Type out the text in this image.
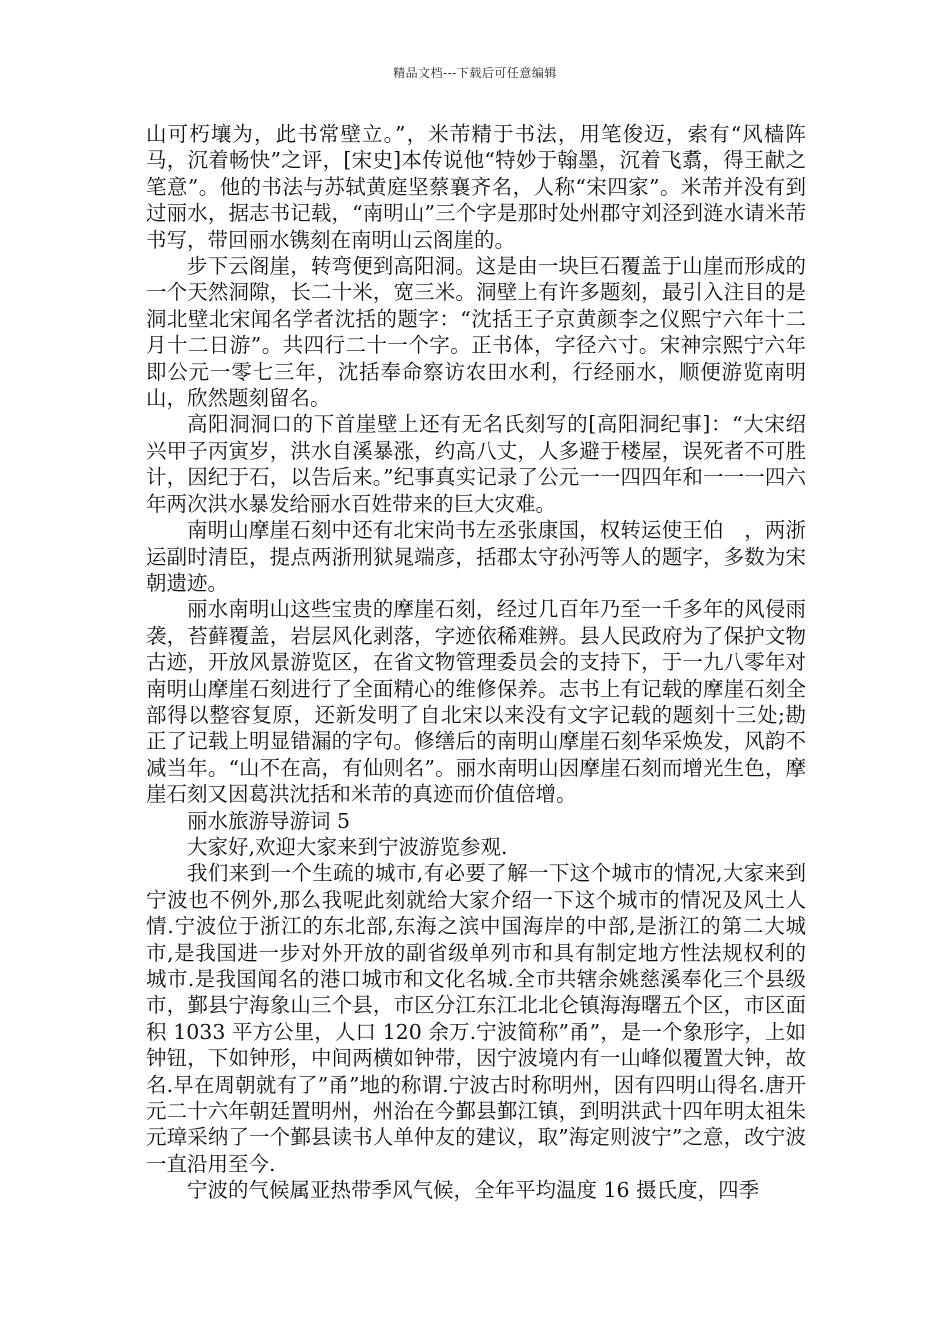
精品文档---下载后可任意编辑

山可朽壤为，此书常壁立。”，米芾精于书法，用笔俊迈，索有“风樯阵马，沉着畅快”之评，[宋史]本传说他“特妙于翰墨，沉着飞翥，得王献之笔意”。他的书法与苏轼黄庭坚蔡襄齐名，人称“宋四家”。米芾并没有到过丽水，据志书记载，“南明山”三个字是那时处州郡守刘泾到涟水请米芾书写，带回丽水镌刻在南明山云阁崖的。

步下云阁崖，转弯便到高阳洞。这是由一块巨石覆盖于山崖而形成的一个天然洞隙，长二十米，宽三米。洞壁上有许多题刻，最引入注目的是洞北壁北宋闻名学者沈括的题字：“沈括王子京黄颜李之仪熙宁六年十二月十二日游”。共四行二十一个字。正书体，字径六寸。宋神宗熙宁六年即公元一零七三年，沈括奉命察访农田水利，行经丽水，顺便游览南明山，欣然题刻留名。

高阳洞洞口的下首崖壁上还有无名氏刻写的[高阳洞纪事]：“大宋绍兴甲子丙寅岁，洪水自溪暴涨，约高八丈，人多避于楼屋，误死者不可胜计，因纪于石，以告后来。”纪事真实记录了公元一一四四年和一一一四六年两次洪水暴发给丽水百姓带来的巨大灾难。

南明山摩崖石刻中还有北宋尚书左丞张康国，权转运使王伯　，两浙运副时清臣，提点两浙刑狱晁端彦，括郡太守孙沔等人的题字，多数为宋朝遗迹。

丽水南明山这些宝贵的摩崖石刻，经过几百年乃至一千多年的风侵雨袭，苔藓覆盖，岩层风化剥落，字迹依稀难辨。县人民政府为了保护文物古迹，开放风景游览区，在省文物管理委员会的支持下，于一九八零年对南明山摩崖石刻进行了全面精心的维修保养。志书上有记载的摩崖石刻全部得以整容复原，还新发明了自北宋以来没有文字记载的题刻十三处;勘正了记载上明显错漏的字句。修缮后的南明山摩崖石刻华采焕发，风韵不减当年。“山不在高，有仙则名”。丽水南明山因摩崖石刻而增光生色，摩崖石刻又因葛洪沈括和米芾的真迹而价值倍增。

丽水旅游导游词 5

大家好,欢迎大家来到宁波游览参观.

我们来到一个生疏的城市,有必要了解一下这个城市的情况,大家来到宁波也不例外,那么我呢此刻就给大家介绍一下这个城市的情况及风土人情.宁波位于浙江的东北部,东海之滨中国海岸的中部,是浙江的第二大城市,是我国进一步对外开放的副省级单列市和具有制定地方性法规权利的城市.是我国闻名的港口城市和文化名城.全市共辖余姚慈溪奉化三个县级市，鄞县宁海象山三个县，市区分江东江北北仑镇海海曙五个区，市区面积 1033 平方公里，人口 120 余万.宁波简称”甬”，是一个象形字，上如钟钮，下如钟形，中间两横如钟带，因宁波境内有一山峰似覆置大钟，故名.早在周朝就有了”甬”地的称谓.宁波古时称明州，因有四明山得名.唐开元二十六年朝廷置明州，州治在今鄞县鄞江镇，到明洪武十四年明太祖朱元璋采纳了一个鄞县读书人单仲友的建议，取”海定则波宁”之意，改宁波一直沿用至今.

宁波的气候属亚热带季风气候，全年平均温度 16 摄氏度，四季
